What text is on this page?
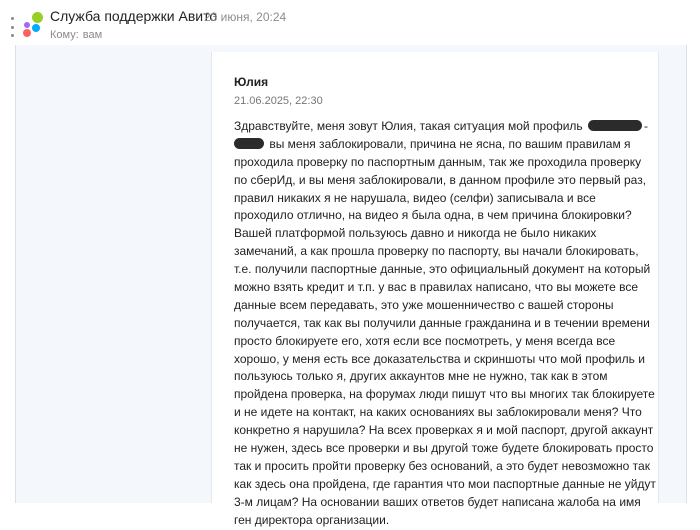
Служба поддержки Авито
23 июня, 20:24
Кому: вам
Юлия
21.06.2025, 22:30
Здравствуйте, меня зовут Юлия, такая ситуация мой профиль	-
вы меня заблокировали, причина не ясна, по вашим правилам я
проходила проверку по паспортным данным, так же проходила проверку
по сберИд, и вы меня заблокировали, в данном профиле это первый раз,
правил никаких я не нарушала, видео (селфи) записывала и все
проходило отлично, на видео я была одна, в чем причина блокировки?
Вашей платформой пользуюсь давно и никогда не было никаких
замечаний, а как прошла проверку по паспорту, вы начали блокировать,
т.е. получили паспортные данные, это официальный документ на который
можно взять кредит и т.п. у вас в правилах написано, что вы можете все
данные всем передавать, это уже мошенничество с вашей стороны
получается, так как вы получили данные гражданина и в течении времени
просто блокируете его, хотя если все посмотреть, у меня всегда все
хорошо, у меня есть все доказательства и скриншоты что мой профиль и
пользуюсь только я, других аккаунтов мне не нужно, так как в этом
пройдена проверка, на форумах люди пишут что вы многих так блокируете
и не идете на контакт, на каких основаниях вы заблокировали меня? Что
конкретно я нарушила? На всех проверках я и мой паспорт, другой аккаунт
не нужен, здесь все проверки и вы другой тоже будете блокировать просто
так и просить пройти проверку без оснований, а это будет невозможно так
как здесь она пройдена, где гарантия что мои паспортные данные не уйдут
3-м лицам? На основании ваших ответов будет написана жалоба на имя
ген директора организации.
